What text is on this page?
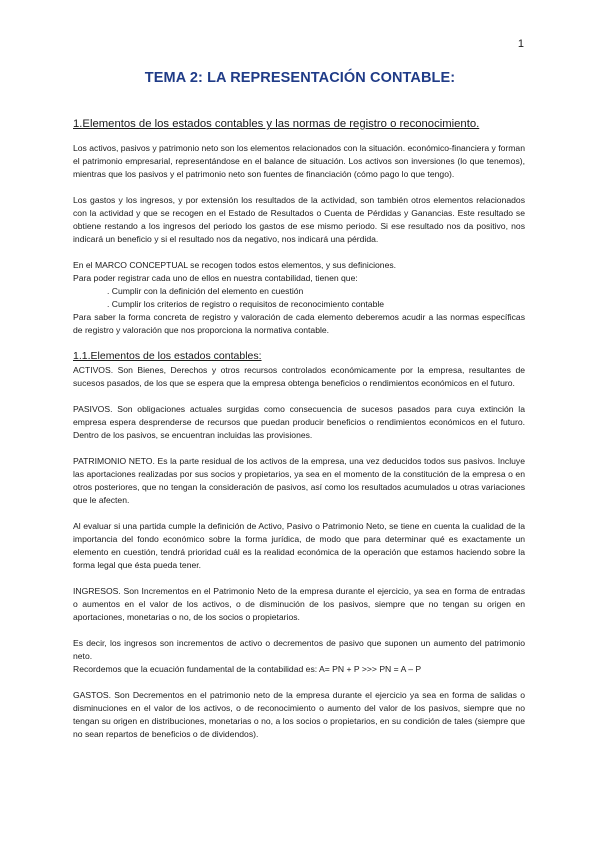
1
TEMA 2: LA REPRESENTACIÓN CONTABLE:
1.Elementos de los estados contables y las normas de registro o reconocimiento.

Los activos, pasivos y patrimonio neto son los elementos relacionados con la situación. económico-financiera y forman el patrimonio empresarial, representándose en el balance de situación. Los activos son inversiones (lo que tenemos), mientras que los pasivos y el patrimonio neto son fuentes de financiación (cómo pago lo que tengo).

Los gastos y los ingresos, y por extensión los resultados de la actividad, son también otros elementos relacionados con la actividad y que se recogen en el Estado de Resultados o Cuenta de Pérdidas y Ganancias. Este resultado se obtiene restando a los ingresos del periodo los gastos de ese mismo periodo. Si ese resultado nos da positivo, nos indicará un beneficio y si el resultado nos da negativo, nos indicará una pérdida.

En el MARCO CONCEPTUAL se recogen todos estos elementos, y sus definiciones.

Para poder registrar cada uno de ellos en nuestra contabilidad, tienen que:

. Cumplir con la definición del elemento en cuestión

. Cumplir los criterios de registro o requisitos de reconocimiento contable

Para saber la forma concreta de registro y valoración de cada elemento deberemos acudir a las normas específicas de registro y valoración que nos proporciona la normativa contable.

1.1.Elementos de los estados contables:

ACTIVOS. Son Bienes, Derechos y otros recursos controlados económicamente por la empresa, resultantes de sucesos pasados, de los que se espera que la empresa obtenga beneficios o rendimientos económicos en el futuro.

PASIVOS. Son obligaciones actuales surgidas como consecuencia de sucesos pasados para cuya extinción la empresa espera desprenderse de recursos que puedan producir beneficios o rendimientos económicos en el futuro. Dentro de los pasivos, se encuentran incluidas las provisiones.

PATRIMONIO NETO. Es la parte residual de los activos de la empresa, una vez deducidos todos sus pasivos. Incluye las aportaciones realizadas por sus socios y propietarios, ya sea en el momento de la constitución de la empresa o en otros posteriores, que no tengan la consideración de pasivos, así como los resultados acumulados u otras variaciones que le afecten.

Al evaluar si una partida cumple la definición de Activo, Pasivo o Patrimonio Neto, se tiene en cuenta la cualidad de la importancia del fondo económico sobre la forma jurídica, de modo que para determinar qué es exactamente un elemento en cuestión, tendrá prioridad cuál es la realidad económica de la operación que estamos haciendo sobre la forma legal que ésta pueda tener.

INGRESOS. Son Incrementos en el Patrimonio Neto de la empresa durante el ejercicio, ya sea en forma de entradas o aumentos en el valor de los activos, o de disminución de los pasivos, siempre que no tengan su origen en aportaciones, monetarias o no, de los socios o propietarios.

Es decir, los ingresos son incrementos de activo o decrementos de pasivo que suponen un aumento del patrimonio neto.

Recordemos que la ecuación fundamental de la contabilidad es: A= PN + P >>> PN = A – P

GASTOS. Son Decrementos en el patrimonio neto de la empresa durante el ejercicio ya sea en forma de salidas o disminuciones en el valor de los activos, o de reconocimiento o aumento del valor de los pasivos, siempre que no tengan su origen en distribuciones, monetarias o no, a los socios o propietarios, en su condición de tales (siempre que no sean repartos de beneficios o de dividendos).
